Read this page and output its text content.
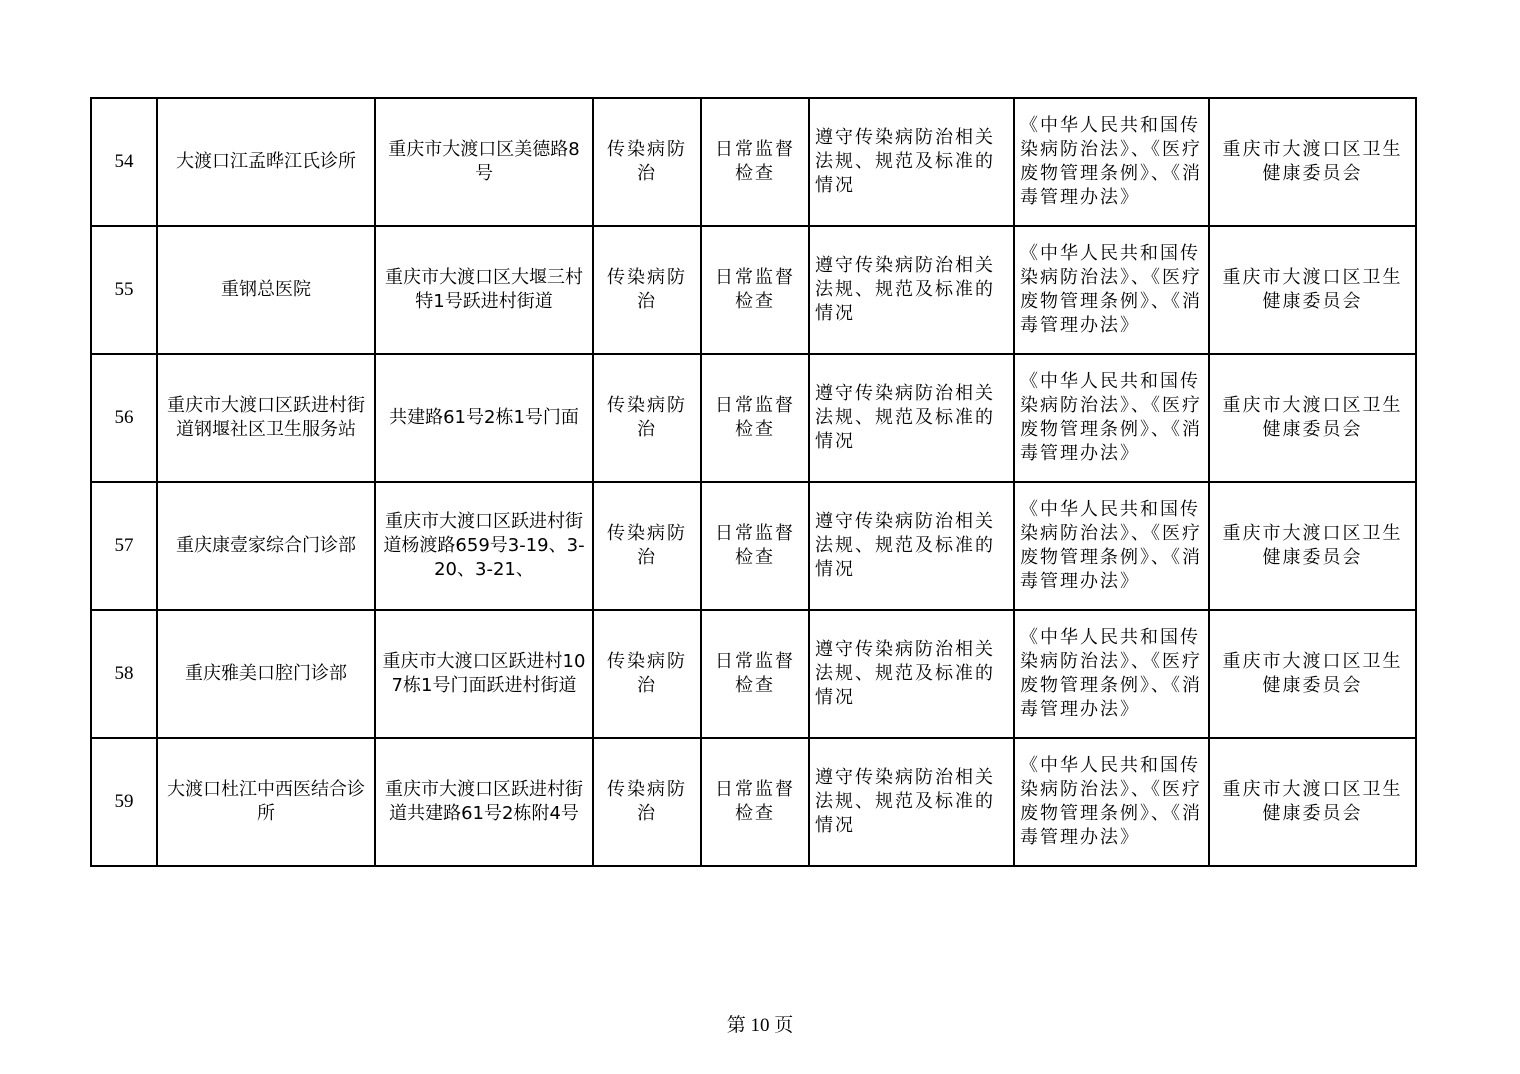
54	大渡口江孟晔江氏诊所	重庆市大渡口区美德路8号	传染病防治	日常监督检查	遵守传染病防治相关法规、规范及标准的情况	《中华人民共和国传染病防治法》、《医疗废物管理条例》、《消毒管理办法》	重庆市大渡口区卫生健康委员会
55	重钢总医院	重庆市大渡口区大堰三村特1号跃进村街道	传染病防治	日常监督检查	遵守传染病防治相关法规、规范及标准的情况	《中华人民共和国传染病防治法》、《医疗废物管理条例》、《消毒管理办法》	重庆市大渡口区卫生健康委员会
56	重庆市大渡口区跃进村街道钢堰社区卫生服务站	共建路61号2栋1号门面	传染病防治	日常监督检查	遵守传染病防治相关法规、规范及标准的情况	《中华人民共和国传染病防治法》、《医疗废物管理条例》、《消毒管理办法》	重庆市大渡口区卫生健康委员会
57	重庆康壹家综合门诊部	重庆市大渡口区跃进村街道杨渡路659号3-19、3-20、3-21、	传染病防治	日常监督检查	遵守传染病防治相关法规、规范及标准的情况	《中华人民共和国传染病防治法》、《医疗废物管理条例》、《消毒管理办法》	重庆市大渡口区卫生健康委员会
58	重庆雅美口腔门诊部	重庆市大渡口区跃进村107栋1号门面跃进村街道	传染病防治	日常监督检查	遵守传染病防治相关法规、规范及标准的情况	《中华人民共和国传染病防治法》、《医疗废物管理条例》、《消毒管理办法》	重庆市大渡口区卫生健康委员会
59	大渡口杜江中西医结合诊所	重庆市大渡口区跃进村街道共建路61号2栋附4号	传染病防治	日常监督检查	遵守传染病防治相关法规、规范及标准的情况	《中华人民共和国传染病防治法》、《医疗废物管理条例》、《消毒管理办法》	重庆市大渡口区卫生健康委员会
第 10 页
